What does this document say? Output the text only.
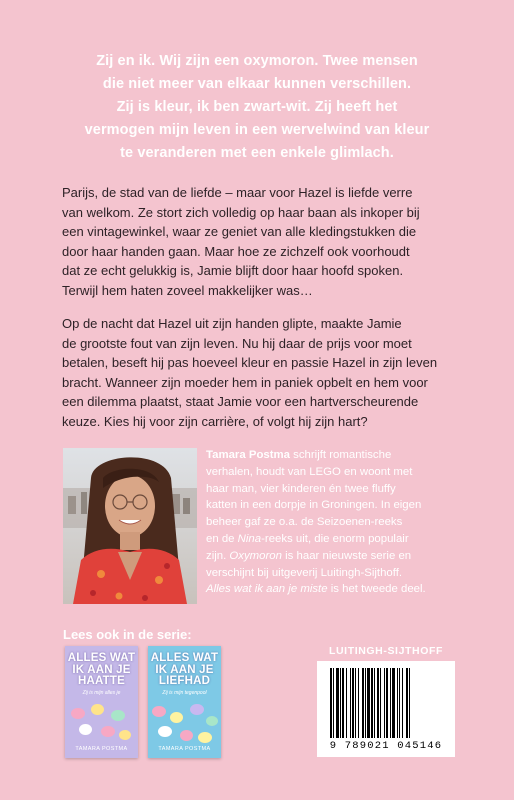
Zij en ik. Wij zijn een oxymoron. Twee mensen
die niet meer van elkaar kunnen verschillen.
Zij is kleur, ik ben zwart-wit. Zij heeft het
vermogen mijn leven in een wervelwind van kleur
te veranderen met een enkele glimlach.
Parijs, de stad van de liefde – maar voor Hazel is liefde verre
van welkom. Ze stort zich volledig op haar baan als inkoper bij
een vintagewinkel, waar ze geniet van alle kledingstukken die
door haar handen gaan. Maar hoe ze zichzelf ook voorhoudt
dat ze echt gelukkig is, Jamie blijft door haar hoofd spoken.
Terwijl hem haten zoveel makkelijker was…
Op de nacht dat Hazel uit zijn handen glipte, maakte Jamie
de grootste fout van zijn leven. Nu hij daar de prijs voor moet
betalen, beseft hij pas hoeveel kleur en passie Hazel in zijn leven
bracht. Wanneer zijn moeder hem in paniek opbelt en hem voor
een dilemma plaatst, staat Jamie voor een hartverscheurende
keuze. Kies hij voor zijn carrière, of volgt hij zijn hart?
Tamara Postma schrijft romantische
verhalen, houdt van LEGO en woont met
haar man, vier kinderen én twee fluffy
katten in een dorpje in Groningen. In eigen
beheer gaf ze o.a. de Seizoenen-reeks
en de Nina-reeks uit, die enorm populair
zijn. Oxymoron is haar nieuwste serie en
verschijnt bij uitgeverij Luitingh-Sijthoff.
Alles wat ik aan je miste is het tweede deel.
Lees ook in de serie:
ALLES WAT
IK AAN JE
HAATTE
Zij is mijn alles je
TAMARA POSTMA
ALLES WAT
IK AAN JE
LIEFHAD
Zij is mijn tegenpool
TAMARA POSTMA
LUITINGH-SIJTHOFF
9 789021 045146
